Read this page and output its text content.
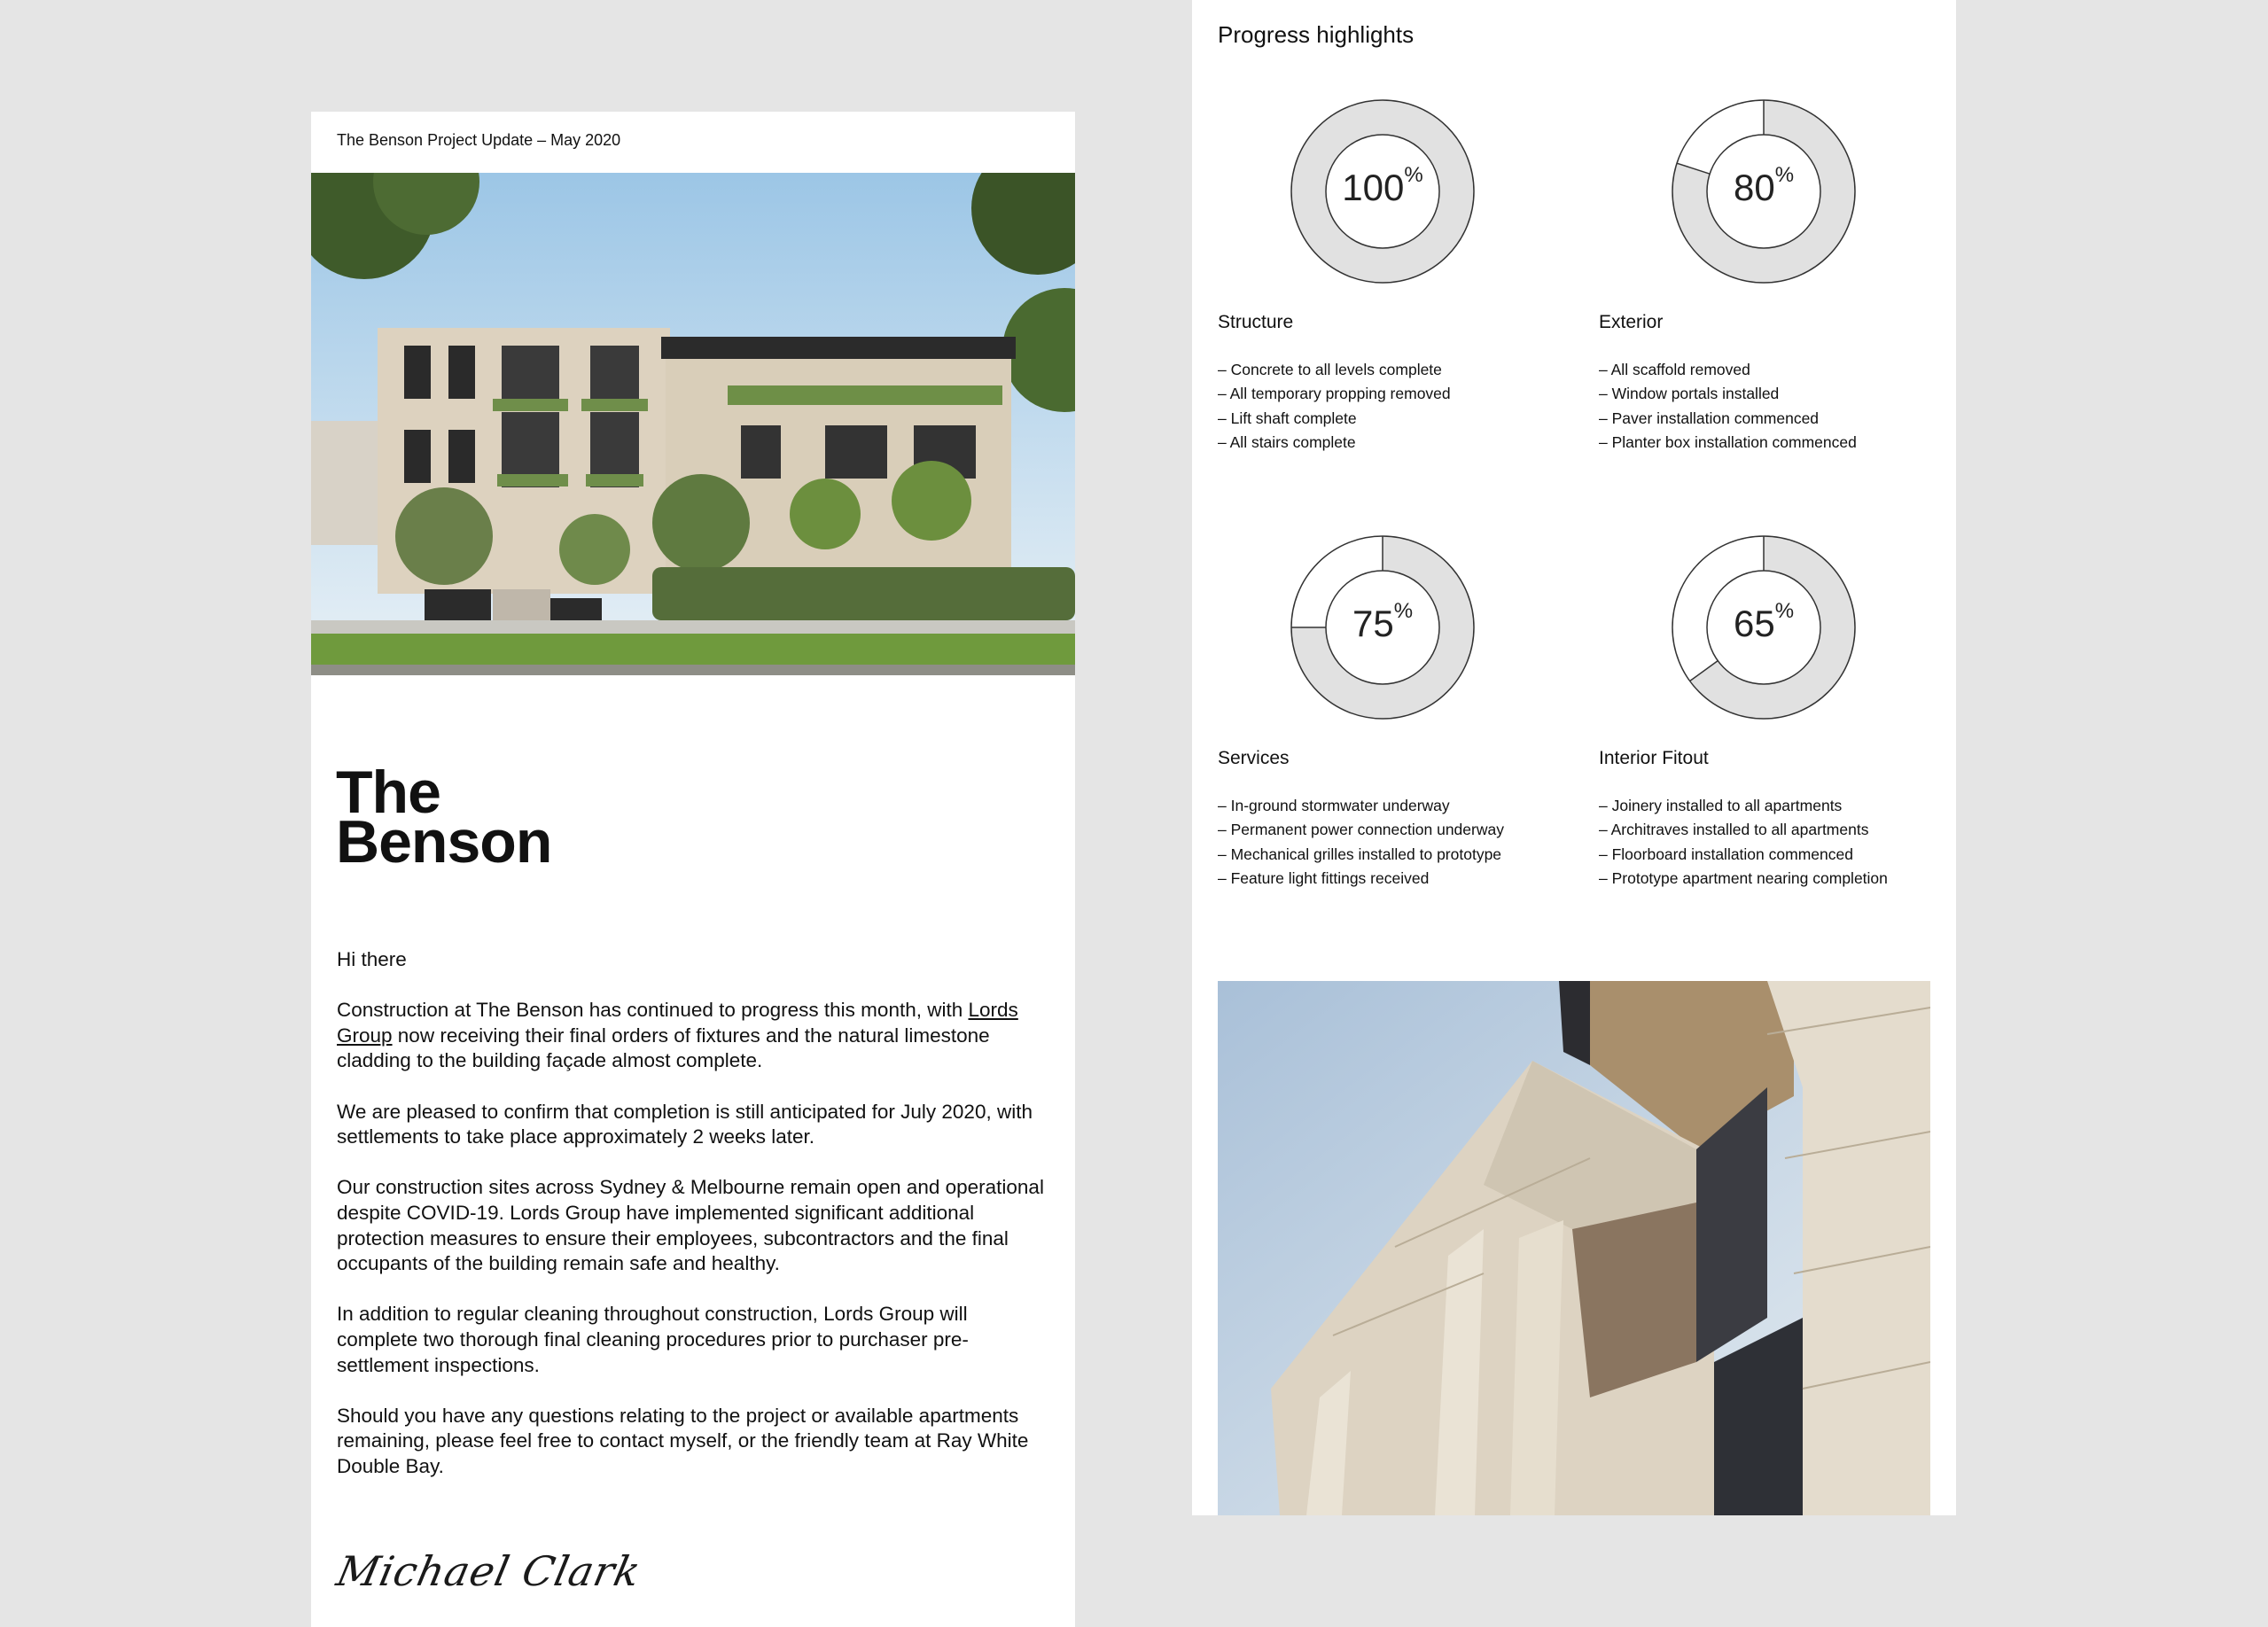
The Benson Project Update – May 2020
The
Benson

Hi there

Construction at The Benson has continued to progress this month, with Lords Group now receiving their final orders of fixtures and the natural limestone cladding to the building façade almost complete.

We are pleased to confirm that completion is still anticipated for July 2020, with settlements to take place approximately 2 weeks later.

Our construction sites across Sydney & Melbourne remain open and operational despite COVID-19. Lords Group have implemented significant additional protection measures to ensure their employees, subcontractors and the final occupants of the building remain safe and healthy.

In addition to regular cleaning throughout construction, Lords Group will complete two thorough final cleaning procedures prior to purchaser pre-settlement inspections.

Should you have any questions relating to the project or available apartments remaining, please feel free to contact myself, or the friendly team at Ray White Double Bay.

Michael Clark
Progress highlights
100%
Structure
– Concrete to all levels complete
– All temporary propping removed
– Lift shaft complete
– All stairs complete
80%
Exterior
– All scaffold removed
– Window portals installed
– Paver installation commenced
– Planter box installation commenced
75%
Services
– In-ground stormwater underway
– Permanent power connection underway
– Mechanical grilles installed to prototype
– Feature light fittings received
65%
Interior Fitout
– Joinery installed to all apartments
– Architraves installed to all apartments
– Floorboard installation commenced
– Prototype apartment nearing completion
